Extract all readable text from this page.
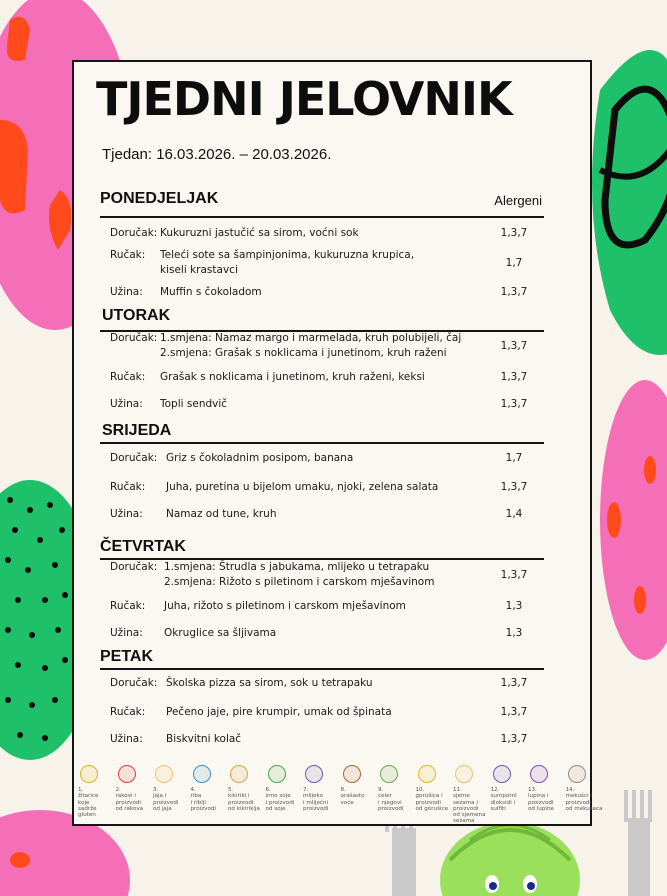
TJEDNI JELOVNIK
Tjedan: 16.03.2026. – 20.03.2026.
Alergeni
PONEDJELJAK
Doručak: Kukuruzni jastučić sa sirom, voćni sok	1,3,7
Ručak: Teleći sote sa šampinjonima, kukuruzna krupica,
kiseli krastavci
1,7
Užina: Muffin s čokoladom	1,3,7
UTORAK
Doručak: 1.smjena: Namaz margo i marmelada, kruh polubijeli, čaj
2.smjena: Grašak s noklicama i junetinom, kruh raženi
1,3,7
Ručak: Grašak s noklicama i junetinom, kruh raženi, keksi	1,3,7
Užina: Topli sendvič	1,3,7
SRIJEDA
Doručak: Griz s čokoladnim posipom, banana	1,7
Ručak: Juha, puretina u bijelom umaku, njoki, zelena salata	1,3,7
Užina: Namaz od tune, kruh	1,4
ČETVRTAK
Doručak: 1.smjena: Štrudla s jabukama, mlijeko u tetrapaku
2.smjena: Rižoto s piletinom i carskom mješavinom
1,3,7
Ručak: Juha, rižoto s piletinom i carskom mješavinom	1,3
Užina: Okruglice sa šljivama	1,3
PETAK
Doručak: Školska pizza sa sirom, sok u tetrapaku	1,3,7
Ručak: Pečeno jaje, pire krumpir, umak od špinata	1,3,7
Užina: Biskvitni kolač	1,3,7
1.
žitarice
koje
sadrže
gluten
2.
rakovi i
proizvodi
od rakova
3.
jaja i
proizvodi
od jaja
4.
riba
i riblji
proizvodi
5.
kikiriki i
proizvodi
od kikirikija
6.
zrno soje
i proizvodi
od soje
7.
mlijeko
i mliječni
proizvodi
8.
orašasto
voće
9.
celer
i njegovi
proizvodi
10.
gorušica i
proizvodi
od gorušice
11.
sjeme
sezama i
proizvodi
od sjemena
sezama
12.
sumporni
dioksidi i
sulfiti
13.
lupina i
proizvodi
od lupine
14.
mekušci i
proizvodi
od mekušaca
